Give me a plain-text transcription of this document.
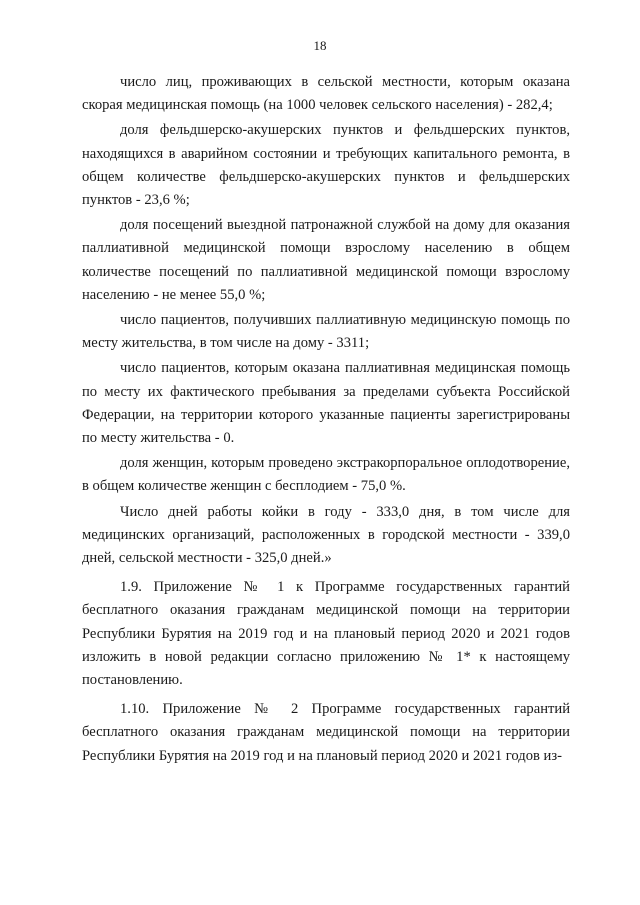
18

число лиц, проживающих в сельской местности, которым оказана скорая медицинская помощь (на 1000 человек сельского населения) - 282,4;

доля фельдшерско-акушерских пунктов и фельдшерских пунктов, находящихся в аварийном состоянии и требующих капитального ремонта, в общем количестве фельдшерско-акушерских пунктов и фельдшерских пунктов - 23,6 %;

доля посещений выездной патронажной службой на дому для оказания паллиативной медицинской помощи взрослому населению в общем количестве посещений по паллиативной медицинской помощи взрослому населению - не менее 55,0 %;

число пациентов, получивших паллиативную медицинскую помощь по месту жительства, в том числе на дому - 3311;

число пациентов, которым оказана паллиативная медицинская помощь по месту их фактического пребывания за пределами субъекта Российской Федерации, на территории которого указанные пациенты зарегистрированы по месту жительства - 0.

доля женщин, которым проведено экстракорпоральное оплодотворение, в общем количестве женщин с бесплодием - 75,0 %.

Число дней работы койки в году - 333,0 дня, в том числе для медицинских организаций, расположенных в городской местности - 339,0 дней, сельской местности - 325,0 дней.»

1.9. Приложение № 1 к Программе государственных гарантий бесплатного оказания гражданам медицинской помощи на территории Республики Бурятия на 2019 год и на плановый период 2020 и 2021 годов изложить в новой редакции согласно приложению № 1* к настоящему постановлению.

1.10. Приложение № 2 Программе государственных гарантий бесплатного оказания гражданам медицинской помощи на территории Республики Бурятия на 2019 год и на плановый период 2020 и 2021 годов из-
